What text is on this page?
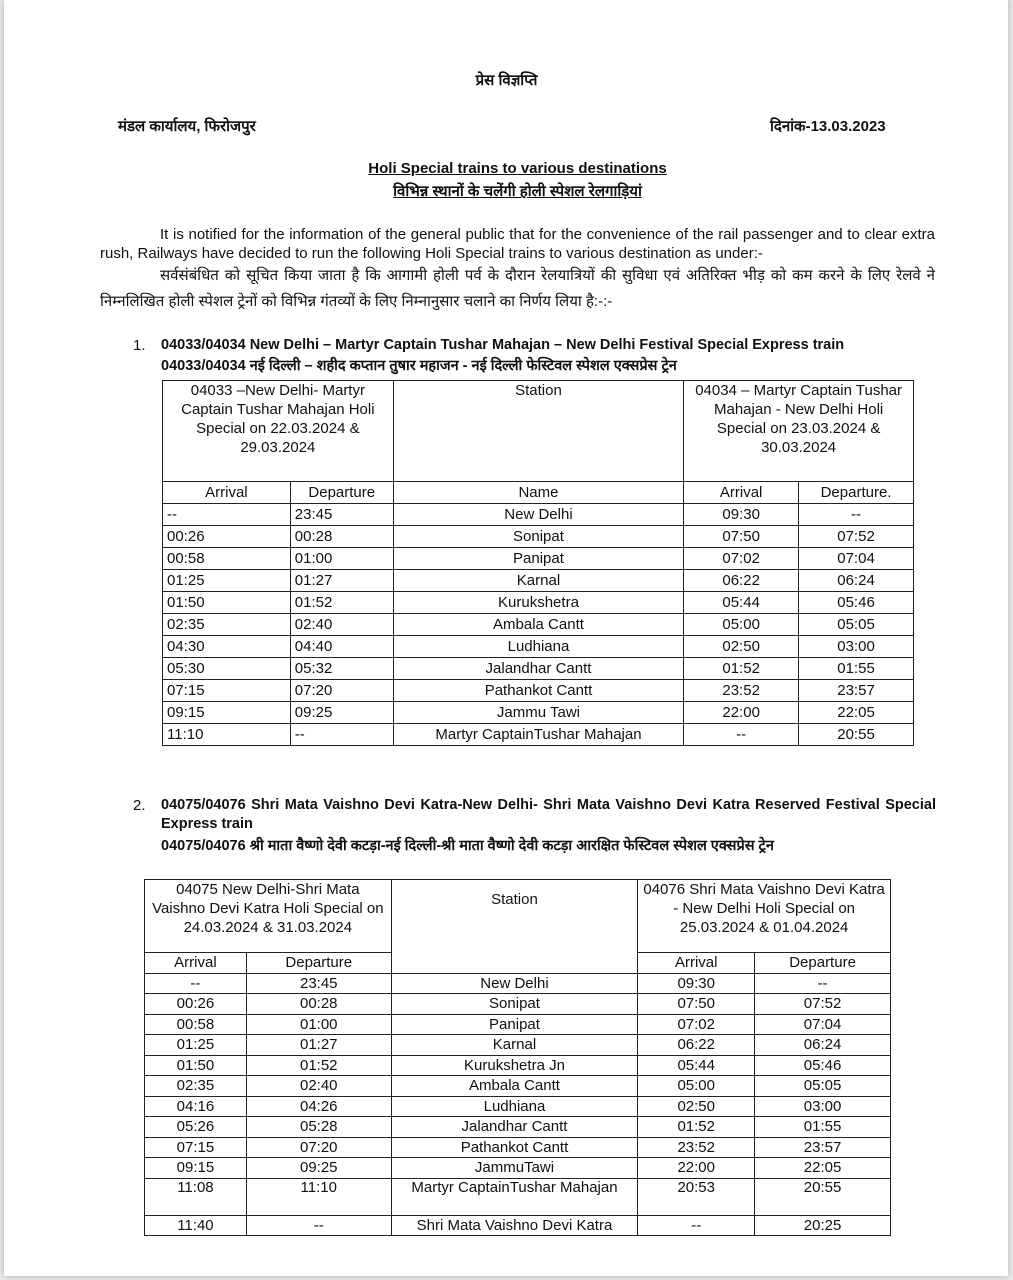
प्रेस विज्ञप्ति
मंडल कार्यालय, फिरोजपुर	दिनांक-13.03.2023
Holi Special trains to various destinations
विभिन्न स्थानों के चलेंगी होली स्पेशल रेलगाड़ियां

It is notified for the information of the general public that for the convenience of the rail passenger and to clear extra rush, Railways have decided to run the following Holi Special trains to various destination as under:-

सर्वसंबंधित को सूचित किया जाता है कि आगामी होली पर्व के दौरान रेलयात्रियों की सुविधा एवं अतिरिक्त भीड़ को कम करने के लिए रेलवे ने निम्नलिखित होली स्पेशल ट्रेनों को विभिन्न गंतव्यों के लिए निम्नानुसार चलाने का निर्णय लिया है:-:-

1. 04033/04034 New Delhi – Martyr Captain Tushar Mahajan – New Delhi Festival Special Express train
04033/04034 नई दिल्ली – शहीद कप्तान तुषार महाजन - नई दिल्ली फेस्टिवल स्पेशल एक्सप्रेस ट्रेन
04033 –New Delhi- Martyr Captain Tushar Mahajan Holi Special on 22.03.2024 & 29.03.2024		Station	04034 – Martyr Captain Tushar Mahajan - New Delhi Holi Special on 23.03.2024 & 30.03.2024	
Arrival	Departure	Name	Arrival	Departure.
--	23:45	New Delhi	09:30	--
00:26	00:28	Sonipat	07:50	07:52
00:58	01:00	Panipat	07:02	07:04
01:25	01:27	Karnal	06:22	06:24
01:50	01:52	Kurukshetra	05:44	05:46
02:35	02:40	Ambala Cantt	05:00	05:05
04:30	04:40	Ludhiana	02:50	03:00
05:30	05:32	Jalandhar Cantt	01:52	01:55
07:15	07:20	Pathankot Cantt	23:52	23:57
09:15	09:25	Jammu Tawi	22:00	22:05
11:10	--	Martyr CaptainTushar Mahajan	--	20:55
2. 04075/04076 Shri Mata Vaishno Devi Katra-New Delhi- Shri Mata Vaishno Devi Katra Reserved Festival Special Express train
04075/04076 श्री माता वैष्णो देवी कटड़ा-नई दिल्ली-श्री माता वैष्णो देवी कटड़ा आरक्षित फेस्टिवल स्पेशल एक्सप्रेस ट्रेन
04075 New Delhi-Shri Mata Vaishno Devi Katra Holi Special on 24.03.2024 & 31.03.2024		Station	04076 Shri Mata Vaishno Devi Katra - New Delhi Holi Special on 25.03.2024 & 01.04.2024	
Arrival	Departure		Arrival	Departure
--	23:45	New Delhi	09:30	--
00:26	00:28	Sonipat	07:50	07:52
00:58	01:00	Panipat	07:02	07:04
01:25	01:27	Karnal	06:22	06:24
01:50	01:52	Kurukshetra Jn	05:44	05:46
02:35	02:40	Ambala Cantt	05:00	05:05
04:16	04:26	Ludhiana	02:50	03:00
05:26	05:28	Jalandhar Cantt	01:52	01:55
07:15	07:20	Pathankot Cantt	23:52	23:57
09:15	09:25	JammuTawi	22:00	22:05
11:08	11:10	Martyr CaptainTushar Mahajan	20:53	20:55
11:40	--	Shri Mata Vaishno Devi Katra	--	20:25
